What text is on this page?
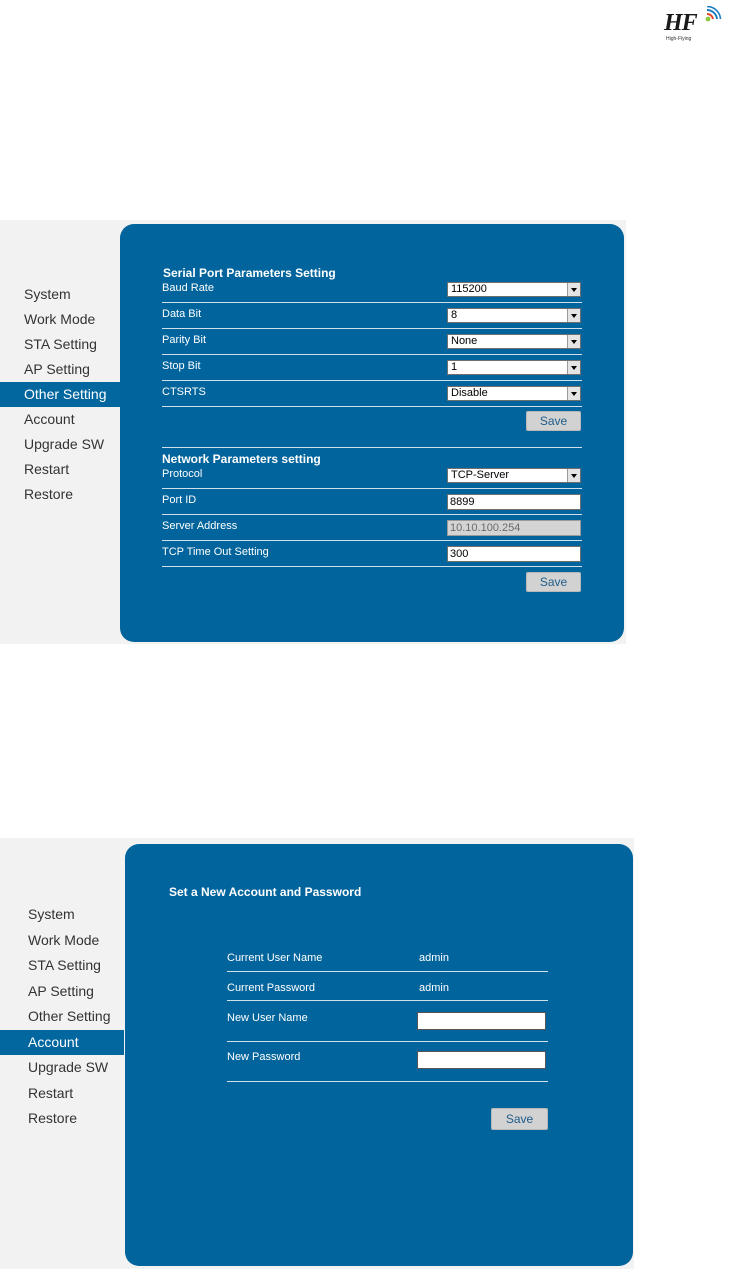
HF
High-Flying
System
Work Mode
STA Setting
AP Setting
Other Setting
Account
Upgrade SW
Restart
Restore
Serial Port Parameters Setting
Baud Rate	115200
Data Bit	8
Parity Bit	None
Stop Bit	1
CTSRTS	Disable
Save
Network Parameters setting
Protocol	TCP-Server
Port ID	8899
Server Address	10.10.100.254
TCP Time Out Setting	300
Save
System
Work Mode
STA Setting
AP Setting
Other Setting
Account
Upgrade SW
Restart
Restore
Set a New Account and Password
Current User Name	admin
Current Password	admin
New User Name
New Password
Save
